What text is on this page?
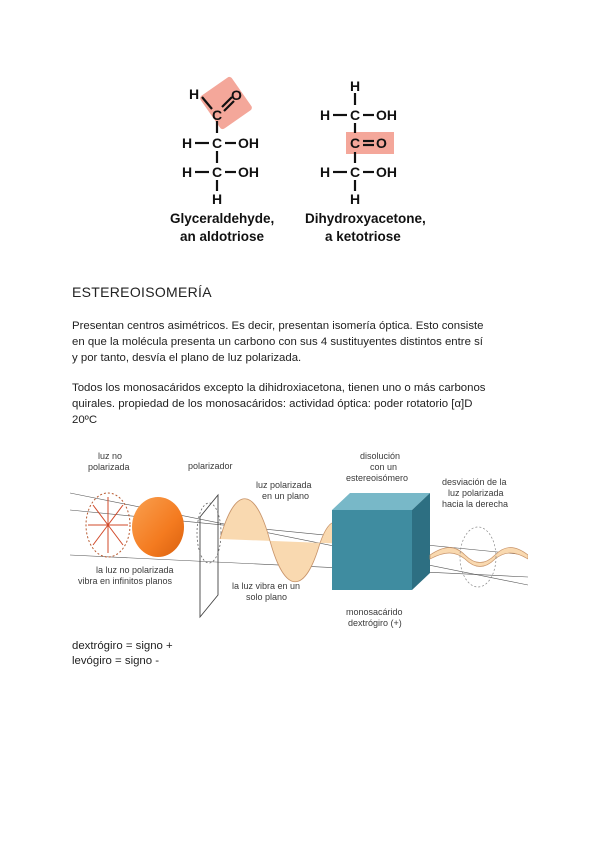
H
C
O
H C OH
H C OH
H
Glyceraldehyde,
an aldotriose
H
H C OH
C O
H C OH
H
Dihydroxyacetone,
a ketotriose
ESTEREOISOMERÍA
Presentan centros asimétricos. Es decir, presentan isomería óptica. Esto consiste
en que la molécula presenta un carbono con sus 4 sustituyentes distintos entre sí
y por tanto, desvía el plano de luz polarizada.
Todos los monosacáridos excepto la dihidroxiacetona, tienen uno o más carbonos
quirales. propiedad de los monosacáridos: actividad óptica: poder rotatorio [α]D
20ºC
luz no
polarizada	polarizador
luz polarizada
en un plano
disolución
con un
estereoisómero	desviación de la
luz polarizada
hacia la derecha
la luz no polarizada
vibra en infinitos planos	la luz vibra en un
solo plano
monosacárido
dextrógiro (+)
dextrógiro = signo +
levógiro = signo -
